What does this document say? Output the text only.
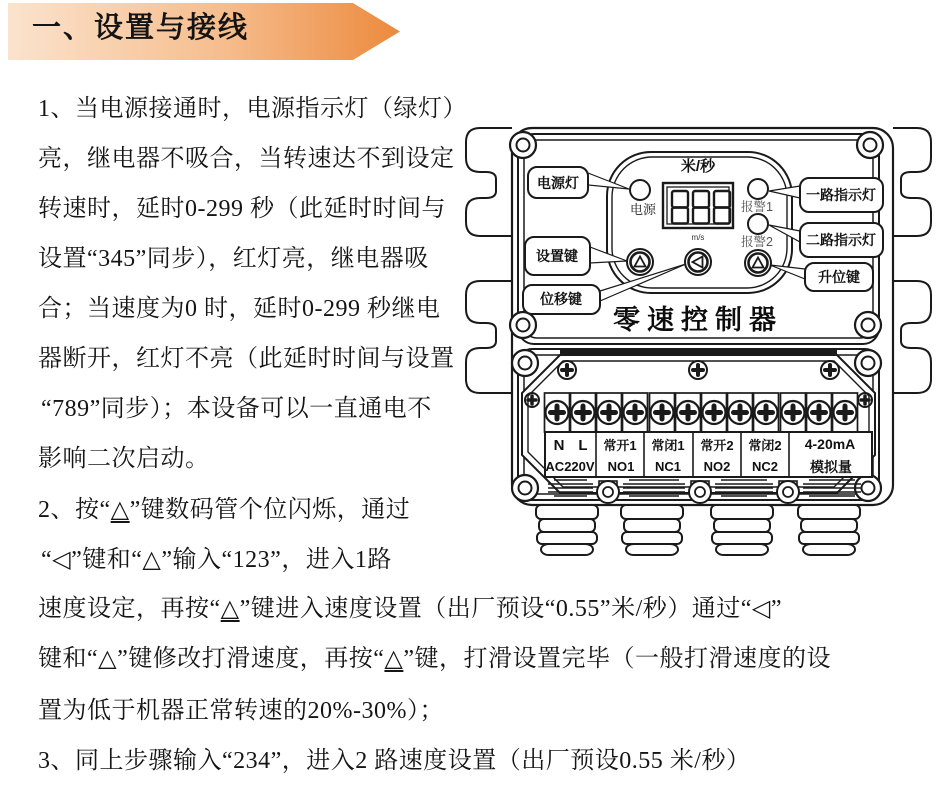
一、设置与接线
1、当电源接通时，电源指示灯（绿灯）
亮，继电器不吸合，当转速达不到设定
转速时，延时0-299 秒（此延时时间与
设置“345”同步），红灯亮，继电器吸
合；当速度为0 时，延时0-299 秒继电
器断开，红灯不亮（此延时时间与设置
“789”同步）；本设备可以一直通电不
影响二次启动。
2、按“△”键数码管个位闪烁，通过
“◁”键和“△”输入“123”，进入1路
速度设定，再按“△”键进入速度设置（出厂预设“0.55”米/秒）通过“◁”
键和“△”键修改打滑速度，再按“△”键，打滑设置完毕（一般打滑速度的设
置为低于机器正常转速的20%-30%）；
3、同上步骤输入“234”，进入2 路速度设置（出厂预设0.55 米/秒）
米/秒
m/s
电源	报警1
报警2
零速控制器
N L
AC220V
常开1
NO1
常闭1
NC1
常开2
NO2
常闭2
NC2
4-20mA
模拟量
电源灯
设置键
位移键
一路指示灯
二路指示灯
升位键
